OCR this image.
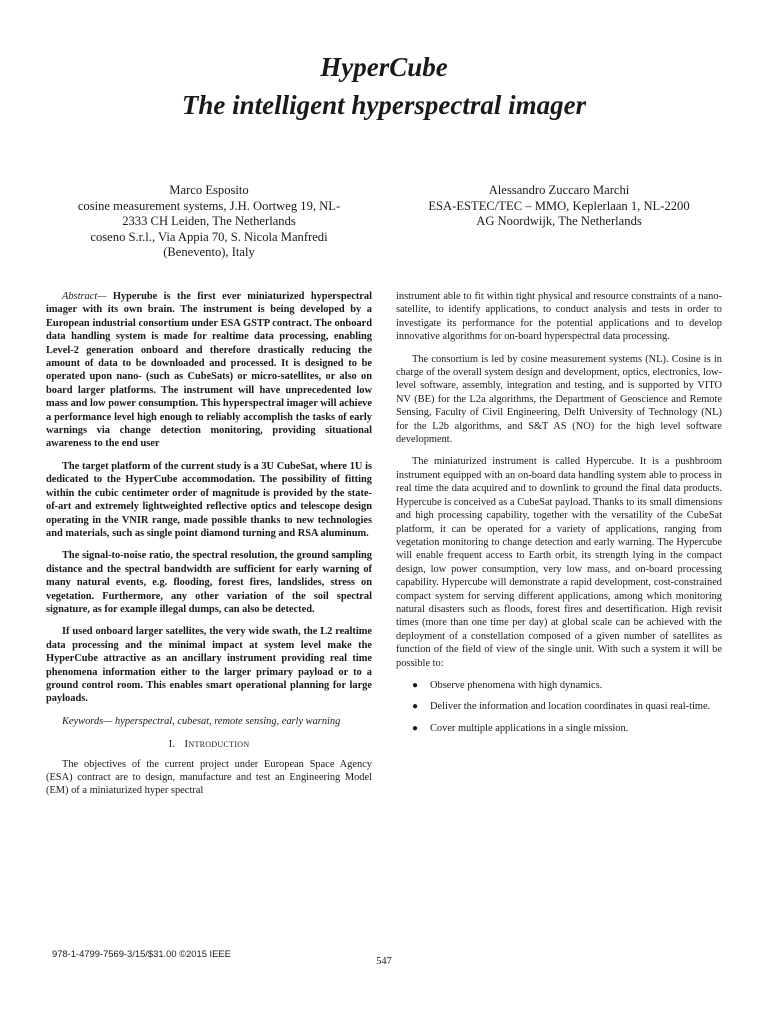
HyperCube
The intelligent hyperspectral imager
Marco Esposito
cosine measurement systems, J.H. Oortweg 19, NL-
2333 CH Leiden, The Netherlands
coseno S.r.l., Via Appia 70, S. Nicola Manfredi
(Benevento), Italy
Alessandro Zuccaro Marchi
ESA-ESTEC/TEC – MMO, Keplerlaan 1, NL-2200
AG Noordwijk, The Netherlands

Abstract— Hyperube is the first ever miniaturized hyperspectral imager with its own brain. The instrument is being developed by a European industrial consortium under ESA GSTP contract. The onboard data handling system is made for realtime data processing, enabling Level-2 generation onboard and therefore drastically reducing the amount of data to be downloaded and processed. It is designed to be operated upon nano- (such as CubeSats) or micro-satellites, or also on board larger platforms. The instrument will have unprecedented low mass and low power consumption. This hyperspectral imager will achieve a performance level high enough to reliably accomplish the tasks of early warnings via change detection monitoring, providing situational awareness to the end user

The target platform of the current study is a 3U CubeSat, where 1U is dedicated to the HyperCube accommodation. The possibility of fitting within the cubic centimeter order of magnitude is provided by the state-of-art and extremely lightweighted reflective optics and telescope design operating in the VNIR range, made possible thanks to new technologies and materials, such as single point diamond turning and RSA aluminum.

The signal-to-noise ratio, the spectral resolution, the ground sampling distance and the spectral bandwidth are sufficient for early warning of many natural events, e.g. flooding, forest fires, landslides, stress on vegetation. Furthermore, any other variation of the soil spectral signature, as for example illegal dumps, can also be detected.

If used onboard larger satellites, the very wide swath, the L2 realtime data processing and the minimal impact at system level make the HyperCube attractive as an ancillary instrument providing real time phenomena information either to the larger primary payload or to a ground control room. This enables smart operational planning for large payloads.

Keywords— hyperspectral, cubesat, remote sensing, early warning

I. Introduction

The objectives of the current project under European Space Agency (ESA) contract are to design, manufacture and test an Engineering Model (EM) of a miniaturized hyper spectral

instrument able to fit within tight physical and resource constraints of a nano-satellite, to identify applications, to conduct analysis and tests in order to investigate its performance for the potential applications and to develop innovative algorithms for on-board hyperspectral data processing.

The consortium is led by cosine measurement systems (NL). Cosine is in charge of the overall system design and development, optics, electronics, low-level software, assembly, integration and testing, and is supported by VITO NV (BE) for the L2a algorithms, the Department of Geoscience and Remote Sensing, Faculty of Civil Engineering, Delft University of Technology (NL) for the L2b algorithms, and S&T AS (NO) for the high level software development.

The miniaturized instrument is called Hypercube. It is a pushbroom instrument equipped with an on-board data handling system able to process in real time the data acquired and to downlink to ground the final data products. Hypercube is conceived as a CubeSat payload. Thanks to its small dimensions and high processing capability, together with the versatility of the CubeSat platform, it can be operated for a variety of applications, ranging from vegetation monitoring to change detection and early warning. The Hypercube will enable frequent access to Earth orbit, its strength lying in the compact design, low power consumption, very low mass, and on-board processing capability. Hypercube will demonstrate a rapid development, cost-constrained compact system for serving different applications, among which monitoring natural disasters such as floods, forest fires and desertification. High revisit times (more than one time per day) at global scale can be achieved with the deployment of a constellation composed of a given number of satellites as function of the field of view of the single unit. With such a system it will be possible to:

● Observe phenomena with high dynamics.
● Deliver the information and location coordinates in quasi real-time.
● Cover multiple applications in a single mission.
978-1-4799-7569-3/15/$31.00 ©2015 IEEE
547
